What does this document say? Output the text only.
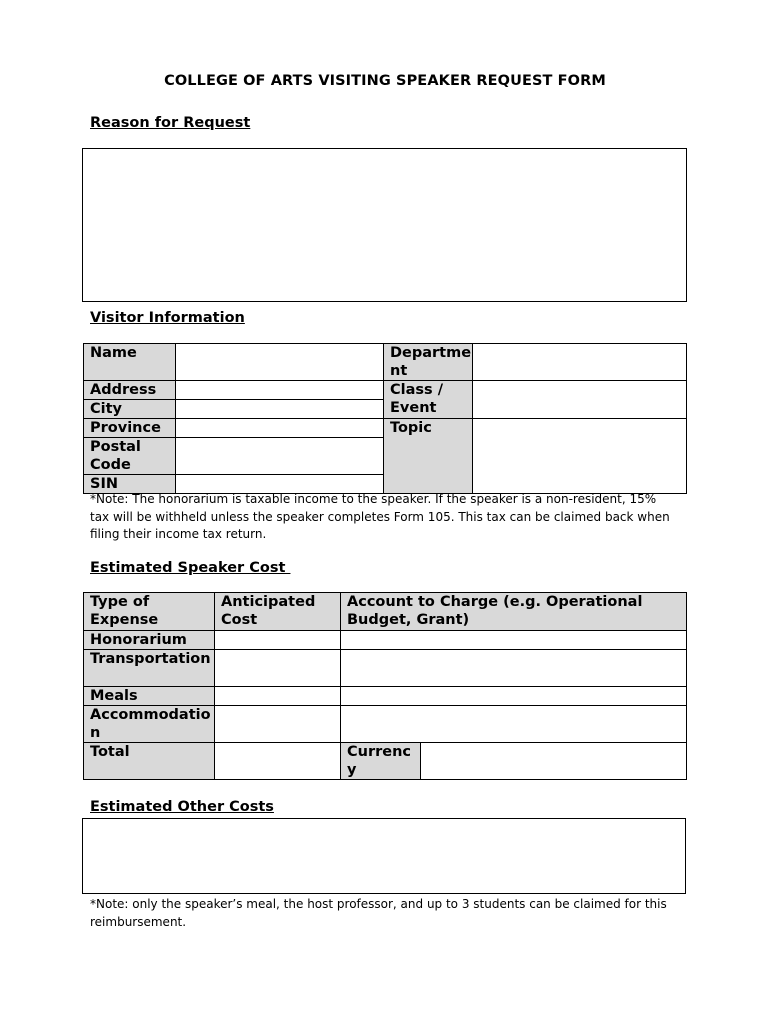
COLLEGE OF ARTS VISITING SPEAKER REQUEST FORM
Reason for Request
Visitor Information
Name		Department	
Address		Class / Event	
City			
Province		Topic	
Postal Code			
SIN			
*Note: The honorarium is taxable income to the speaker. If the speaker is a non-resident, 15% tax will be withheld unless the speaker completes Form 105. This tax can be claimed back when filing their income tax return.
Estimated Speaker Cost
Type of Expense	Anticipated Cost	Account to Charge (e.g. Operational Budget, Grant)	
Honorarium			
Transportation			
Meals			
Accommodation			
Total		Currency	
Estimated Other Costs
*Note: only the speaker’s meal, the host professor, and up to 3 students can be claimed for this reimbursement.
